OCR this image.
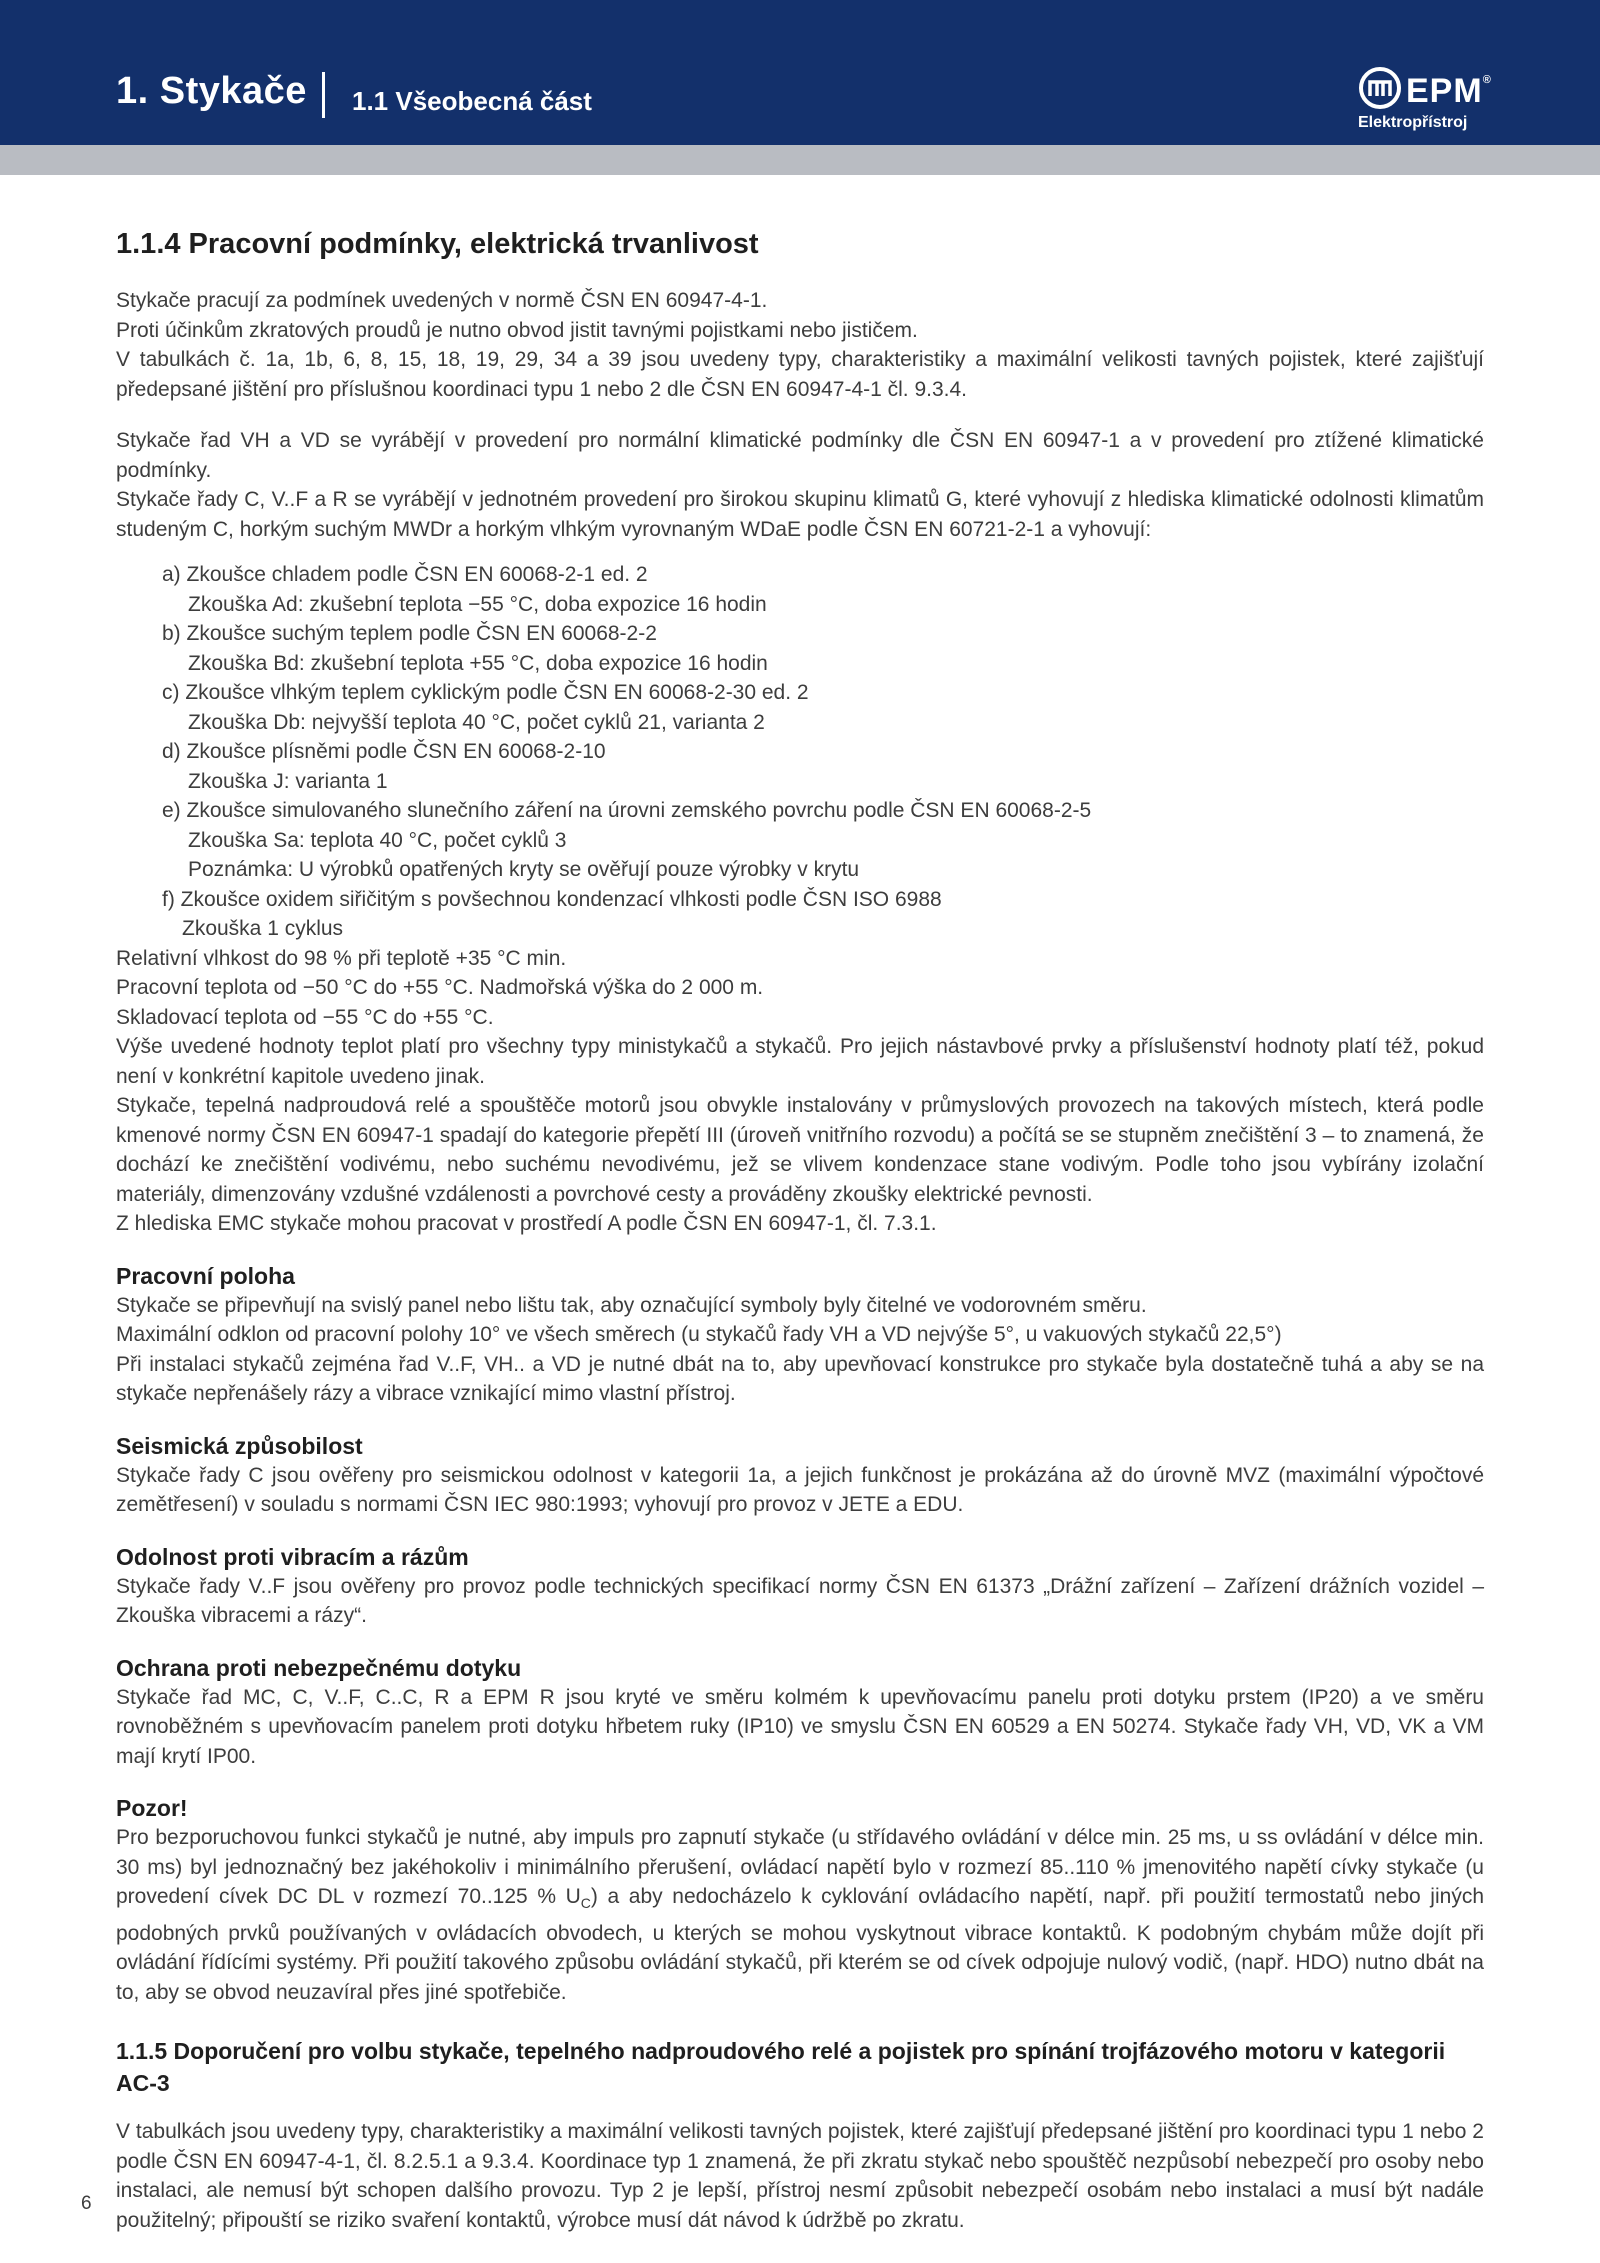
1. Stykače 1.1 Všeobecná část	EPM®
Elektropřístroj
1.1.4 Pracovní podmínky, elektrická trvanlivost

Stykače pracují za podmínek uvedených v normě ČSN EN 60947-4-1.

Proti účinkům zkratových proudů je nutno obvod jistit tavnými pojistkami nebo jističem.

V tabulkách č. 1a, 1b, 6, 8, 15, 18, 19, 29, 34 a 39 jsou uvedeny typy, charakteristiky a maximální velikosti tavných pojistek, které zajišťují předepsané jištění pro příslušnou koordinaci typu 1 nebo 2 dle ČSN EN 60947-4-1 čl. 9.3.4.

Stykače řad VH a VD se vyrábějí v provedení pro normální klimatické podmínky dle ČSN EN 60947-1 a v provedení pro ztížené klimatické podmínky.

Stykače řady C, V..F a R se vyrábějí v jednotném provedení pro širokou skupinu klimatů G, které vyhovují z hlediska klimatické odolnosti klimatům studeným C, horkým suchým MWDr a horkým vlhkým vyrovnaným WDaE podle ČSN EN 60721-2-1 a vyhovují:

a) Zkoušce chladem podle ČSN EN 60068-2-1 ed. 2
Zkouška Ad: zkušební teplota −55 °C, doba expozice 16 hodin
b) Zkoušce suchým teplem podle ČSN EN 60068-2-2
Zkouška Bd: zkušební teplota +55 °C, doba expozice 16 hodin
c) Zkoušce vlhkým teplem cyklickým podle ČSN EN 60068-2-30 ed. 2
Zkouška Db: nejvyšší teplota 40 °C, počet cyklů 21, varianta 2
d) Zkoušce plísněmi podle ČSN EN 60068-2-10
Zkouška J: varianta 1
e) Zkoušce simulovaného slunečního záření na úrovni zemského povrchu podle ČSN EN 60068-2-5
Zkouška Sa: teplota 40 °C, počet cyklů 3
Poznámka: U výrobků opatřených kryty se ověřují pouze výrobky v krytu
f) Zkoušce oxidem siřičitým s povšechnou kondenzací vlhkosti podle ČSN ISO 6988
Zkouška 1 cyklus

Relativní vlhkost do 98 % při teplotě +35 °C min.

Pracovní teplota od −50 °C do +55 °C. Nadmořská výška do 2 000 m.

Skladovací teplota od −55 °C do +55 °C.

Výše uvedené hodnoty teplot platí pro všechny typy ministykačů a stykačů. Pro jejich nástavbové prvky a příslušenství hodnoty platí též, pokud není v konkrétní kapitole uvedeno jinak.

Stykače, tepelná nadproudová relé a spouštěče motorů jsou obvykle instalovány v průmyslových provozech na takových místech, která podle kmenové normy ČSN EN 60947-1 spadají do kategorie přepětí III (úroveň vnitřního rozvodu) a počítá se se stupněm znečištění 3 – to znamená, že dochází ke znečištění vodivému, nebo suchému nevodivému, jež se vlivem kondenzace stane vodivým. Podle toho jsou vybírány izolační materiály, dimenzovány vzdušné vzdálenosti a povrchové cesty a prováděny zkoušky elektrické pevnosti.

Z hlediska EMC stykače mohou pracovat v prostředí A podle ČSN EN 60947-1, čl. 7.3.1.

Pracovní poloha

Stykače se připevňují na svislý panel nebo lištu tak, aby označující symboly byly čitelné ve vodorovném směru.

Maximální odklon od pracovní polohy 10° ve všech směrech (u stykačů řady VH a VD nejvýše 5°, u vakuových stykačů 22,5°)

Při instalaci stykačů zejména řad V..F, VH.. a VD je nutné dbát na to, aby upevňovací konstrukce pro stykače byla dostatečně tuhá a aby se na stykače nepřenášely rázy a vibrace vznikající mimo vlastní přístroj.

Seismická způsobilost

Stykače řady C jsou ověřeny pro seismickou odolnost v kategorii 1a, a jejich funkčnost je prokázána až do úrovně MVZ (maximální výpočtové zemětřesení) v souladu s normami ČSN IEC 980:1993; vyhovují pro provoz v JETE a EDU.

Odolnost proti vibracím a rázům

Stykače řady V..F jsou ověřeny pro provoz podle technických specifikací normy ČSN EN 61373 „Drážní zařízení – Zařízení drážních vozidel – Zkouška vibracemi a rázy“.

Ochrana proti nebezpečnému dotyku

Stykače řad MC, C, V..F, C..C, R a EPM R jsou kryté ve směru kolmém k upevňovacímu panelu proti dotyku prstem (IP20) a ve směru rovnoběžném s upevňovacím panelem proti dotyku hřbetem ruky (IP10) ve smyslu ČSN EN 60529 a EN 50274. Stykače řady VH, VD, VK a VM mají krytí IP00.

Pozor!

Pro bezporuchovou funkci stykačů je nutné, aby impuls pro zapnutí stykače (u střídavého ovládání v délce min. 25 ms, u ss ovládání v délce min. 30 ms) byl jednoznačný bez jakéhokoliv i minimálního přerušení, ovládací napětí bylo v rozmezí 85..110 % jmenovitého napětí cívky stykače (u provedení cívek DC DL v rozmezí 70..125 % $U_C$) a aby nedocházelo k cyklování ovládacího napětí, např. při použití termostatů nebo jiných podobných prvků používaných v ovládacích obvodech, u kterých se mohou vyskytnout vibrace kontaktů. K podobným chybám může dojít při ovládání řídícími systémy. Při použití takového způsobu ovládání stykačů, při kterém se od cívek odpojuje nulový vodič, (např. HDO) nutno dbát na to, aby se obvod neuzavíral přes jiné spotřebiče.

1.1.5 Doporučení pro volbu stykače, tepelného nadproudového relé a pojistek pro spínání trojfázového motoru v kategorii AC-3

V tabulkách jsou uvedeny typy, charakteristiky a maximální velikosti tavných pojistek, které zajišťují předepsané jištění pro koordinaci typu 1 nebo 2 podle ČSN EN 60947-4-1, čl. 8.2.5.1 a 9.3.4. Koordinace typ 1 znamená, že při zkratu stykač nebo spouštěč nezpůsobí nebezpečí pro osoby nebo instalaci, ale nemusí být schopen dalšího provozu. Typ 2 je lepší, přístroj nesmí způsobit nebezpečí osobám nebo instalaci a musí být nadále použitelný; připouští se riziko svaření kontaktů, výrobce musí dát návod k údržbě po zkratu.

6
